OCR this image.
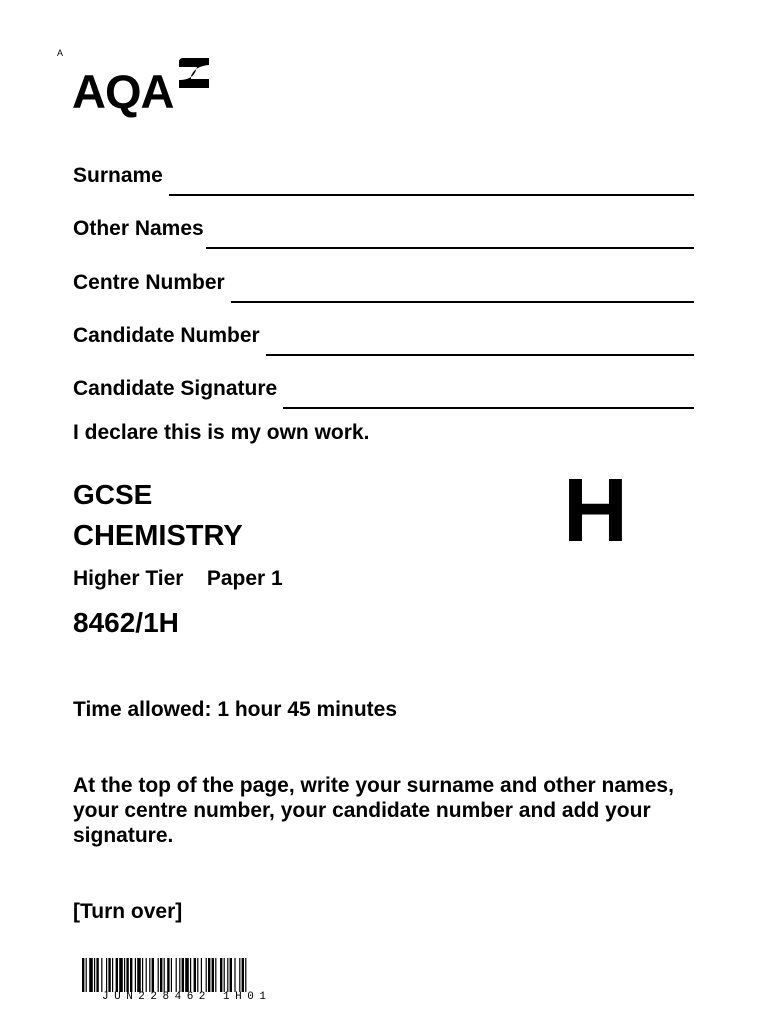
A
AQA
Surname
Other Names
Centre Number
Candidate Number
Candidate Signature
I declare this is my own work.
GCSE
CHEMISTRY
Higher Tier    Paper 1
8462/1H
H
Time allowed: 1 hour 45 minutes
At the top of the page, write your surname and other names, your centre number, your candidate number and add your signature.
[Turn over]
JUN228462 1H01
